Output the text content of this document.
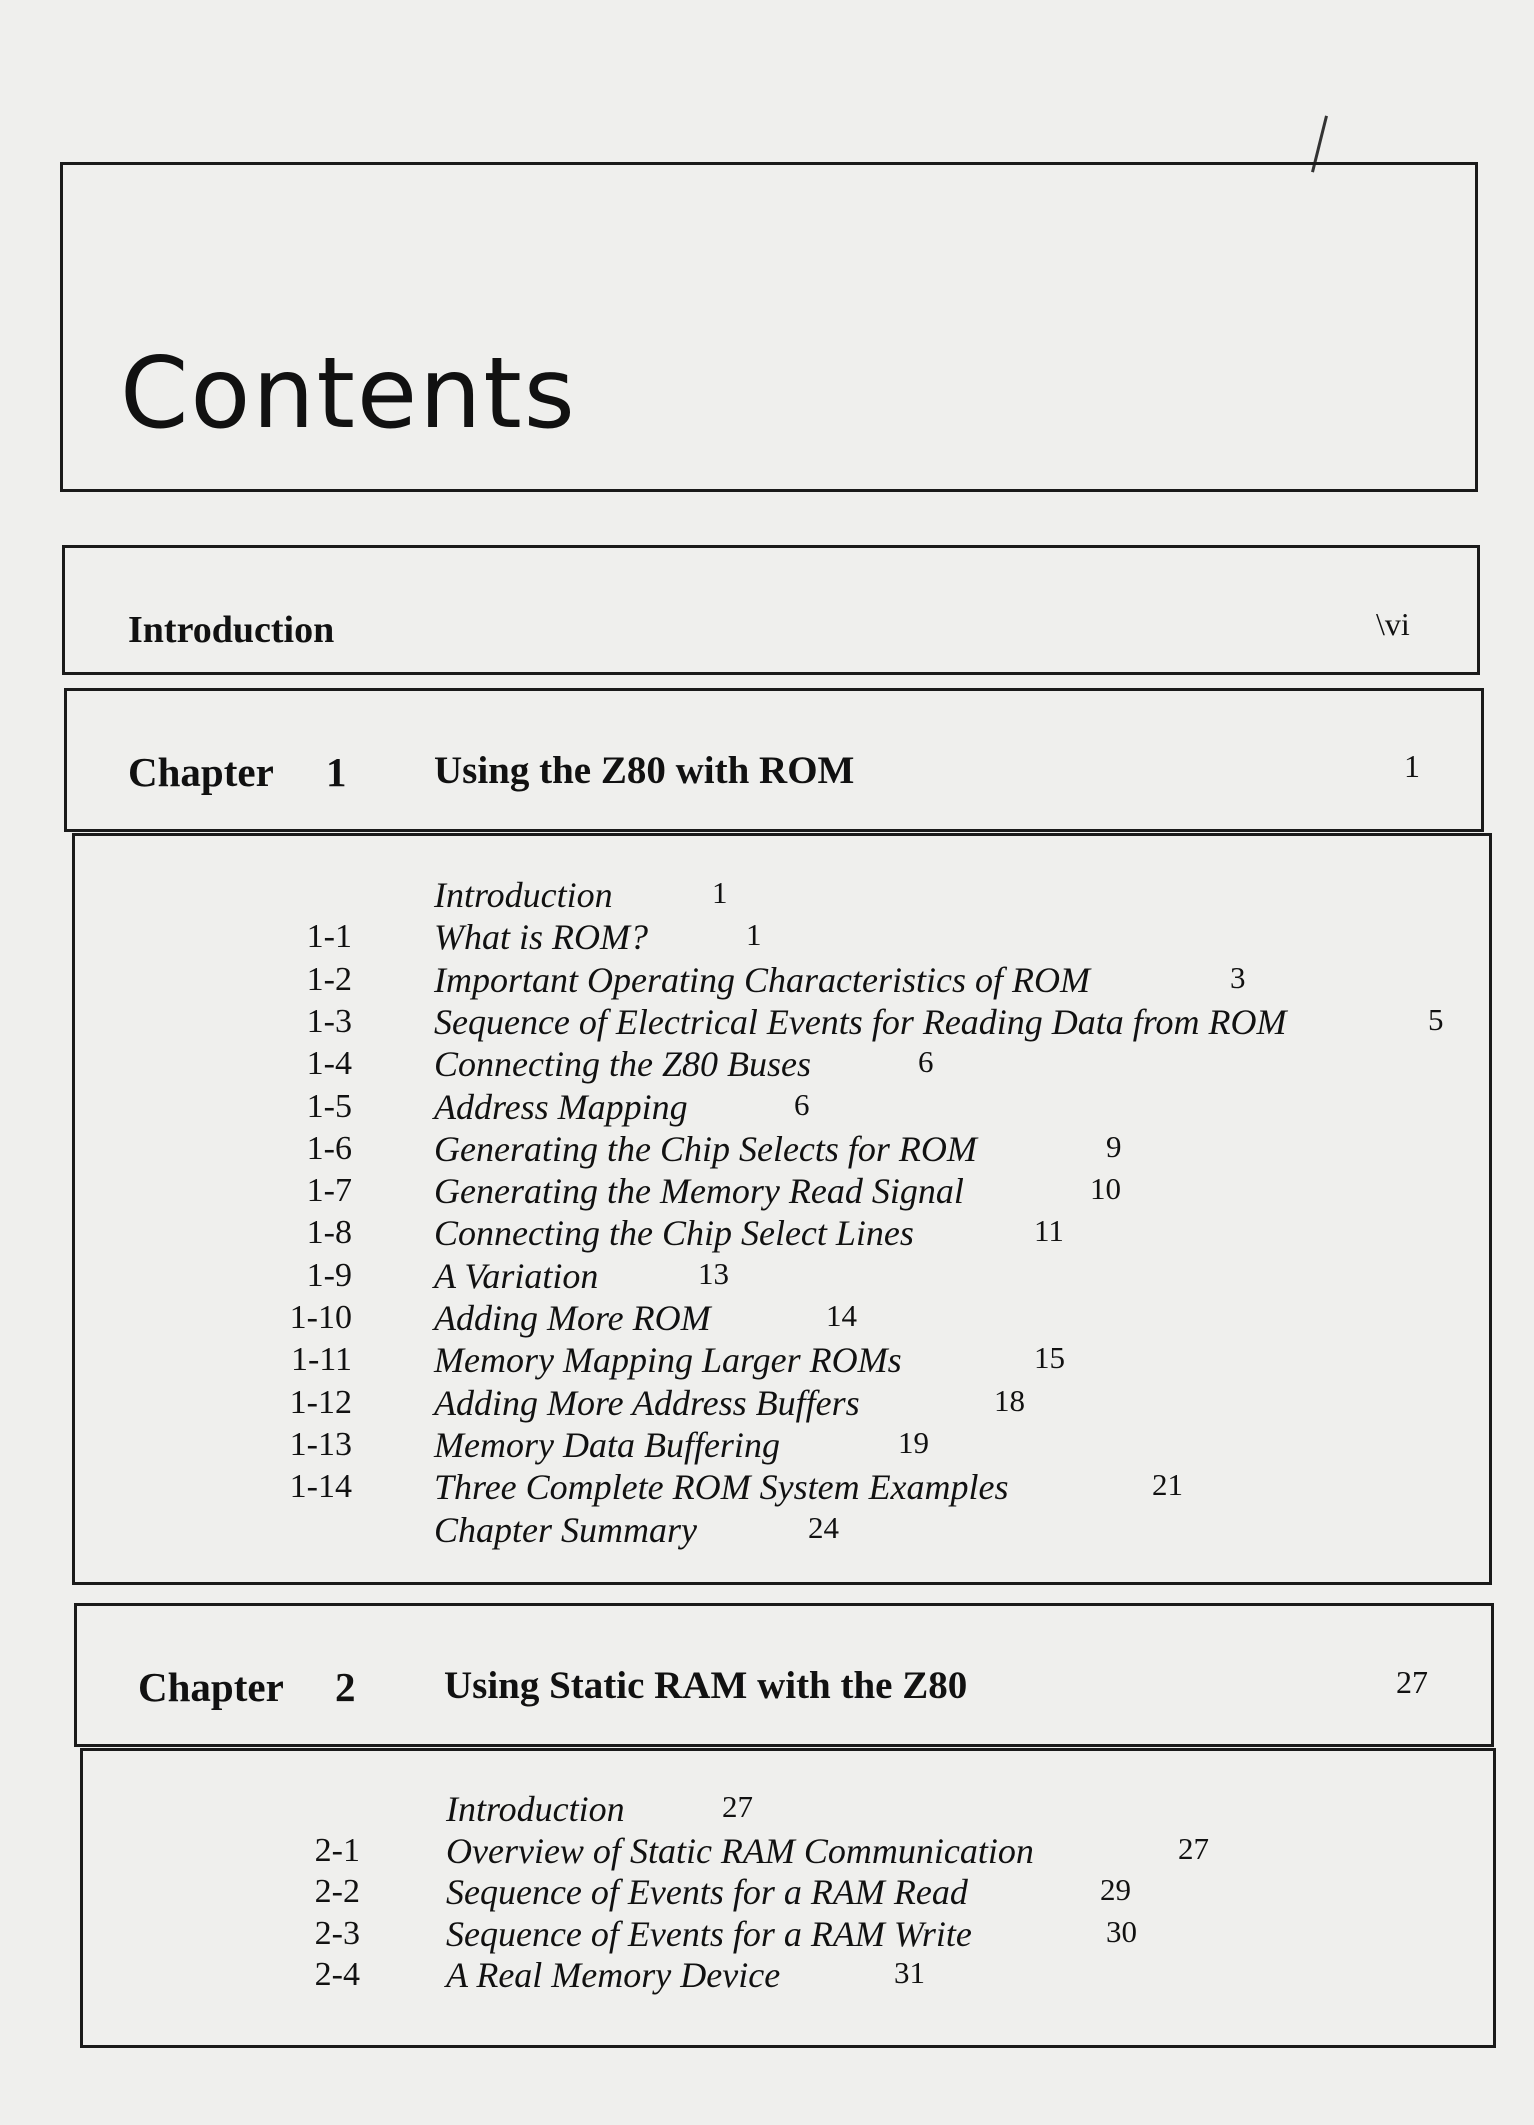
Contents
Introduction	\vi
Chapter 1 Using the Z80 with ROM	1
Introduction	1
1-1 What is ROM?	1
1-2 Important Operating Characteristics of ROM	3
1-3 Sequence of Electrical Events for Reading Data from ROM	5
1-4 Connecting the Z80 Buses	6
1-5 Address Mapping	6
1-6 Generating the Chip Selects for ROM	9
1-7 Generating the Memory Read Signal	10
1-8 Connecting the Chip Select Lines	11
1-9 A Variation	13
1-10 Adding More ROM	14
1-11 Memory Mapping Larger ROMs	15
1-12 Adding More Address Buffers	18
1-13 Memory Data Buffering	19
1-14 Three Complete ROM System Examples	21
Chapter Summary	24
Chapter 2 Using Static RAM with the Z80	27
Introduction	27
2-1 Overview of Static RAM Communication	27
2-2 Sequence of Events for a RAM Read	29
2-3 Sequence of Events for a RAM Write	30
2-4 A Real Memory Device	31
